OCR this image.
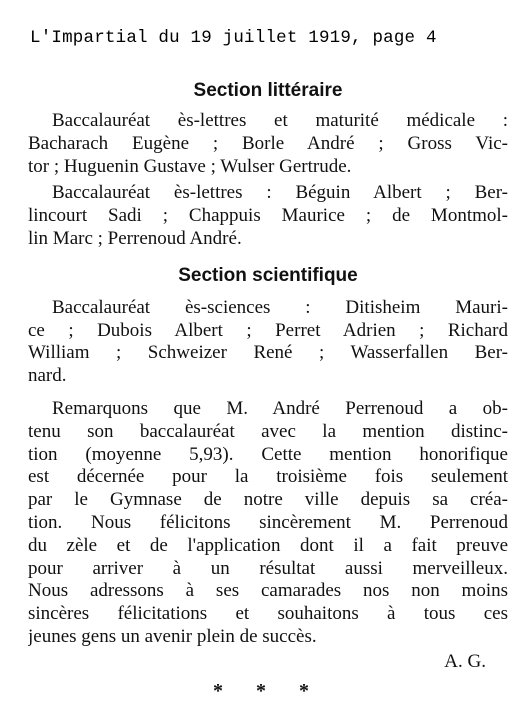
L'Impartial du 19 juillet 1919, page 4
Section littéraire
Baccalauréat ès-lettres et maturité médicale :
Bacharach Eugène ; Borle André ; Gross Vic-
tor ; Huguenin Gustave ; Wulser Gertrude.
Baccalauréat ès-lettres : Béguin Albert ; Ber-
lincourt Sadi ; Chappuis Maurice ; de Montmol-
lin Marc ; Perrenoud André.
Section scientifique
Baccalauréat ès-sciences : Ditisheim Mauri-
ce ; Dubois Albert ; Perret Adrien ; Richard
William ; Schweizer René ; Wasserfallen Ber-
nard.
Remarquons que M. André Perrenoud a ob-
tenu son baccalauréat avec la mention distinc-
tion (moyenne 5,93). Cette mention honorifique
est décernée pour la troisième fois seulement
par le Gymnase de notre ville depuis sa créa-
tion. Nous félicitons sincèrement M. Perrenoud
du zèle et de l'application dont il a fait preuve
pour arriver à un résultat aussi merveilleux.
Nous adressons à ses camarades nos non moins
sincères félicitations et souhaitons à tous ces
jeunes gens un avenir plein de succès.
A. G.
* * *
